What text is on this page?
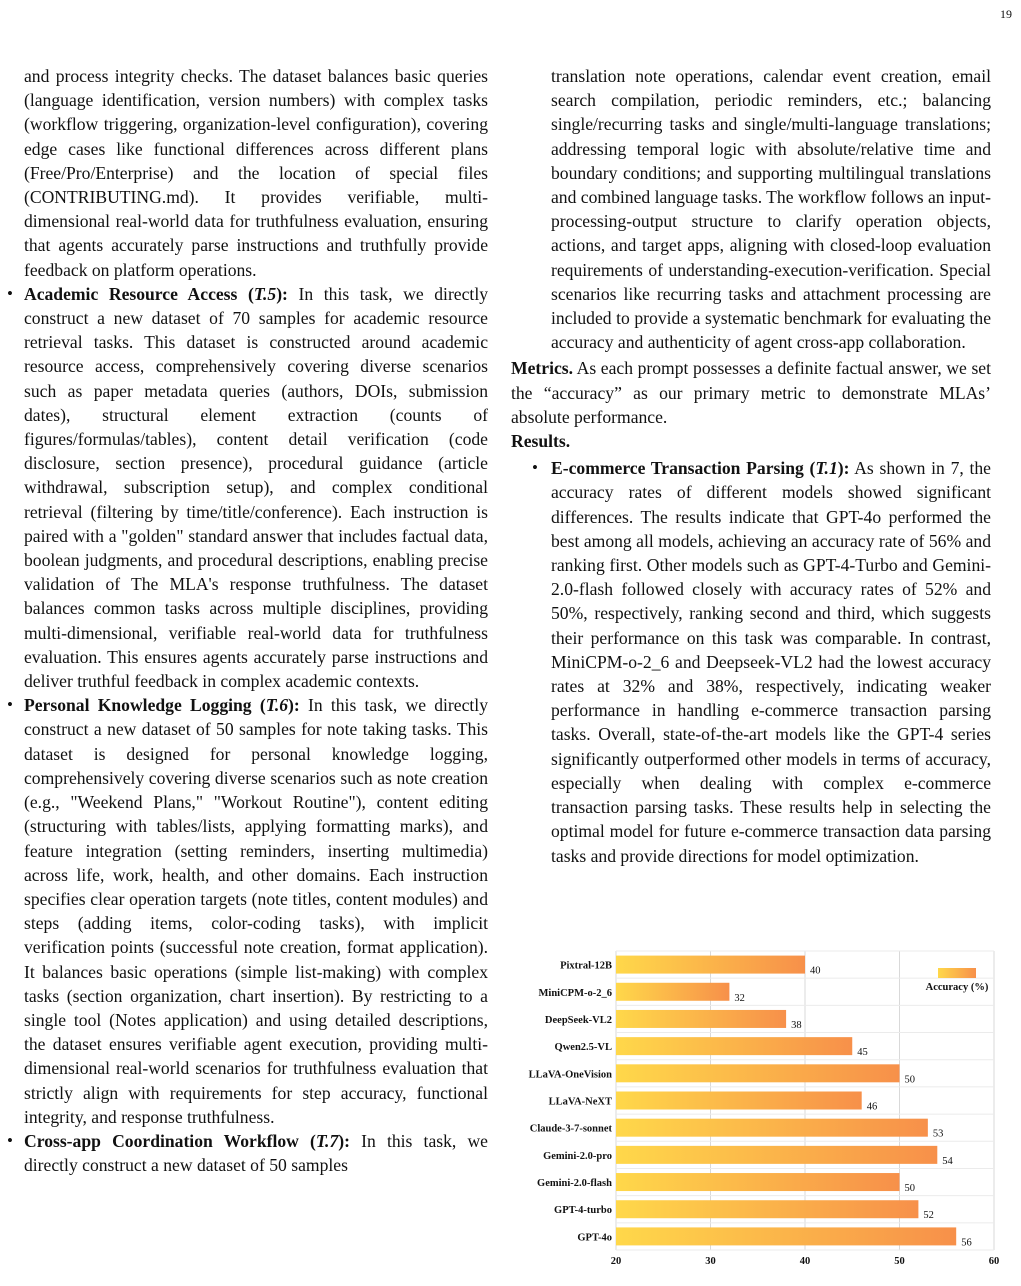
19

and process integrity checks. The dataset balances basic queries (language identification, version numbers) with complex tasks (workflow triggering, organization-level configuration), covering edge cases like functional differences across different plans (Free/Pro/Enterprise) and the location of special files (CONTRIBUTING.md). It provides verifiable, multi-dimensional real-world data for truthfulness evaluation, ensuring that agents accurately parse instructions and truthfully provide feedback on platform operations.

• Academic Resource Access (T.5): In this task, we directly construct a new dataset of 70 samples for academic resource retrieval tasks. This dataset is constructed around academic resource access, comprehensively covering diverse scenarios such as paper metadata queries (authors, DOIs, submission dates), structural element extraction (counts of figures/formulas/tables), content detail verification (code disclosure, section presence), procedural guidance (article withdrawal, subscription setup), and complex conditional retrieval (filtering by time/title/conference). Each instruction is paired with a "golden" standard answer that includes factual data, boolean judgments, and procedural descriptions, enabling precise validation of The MLA's response truthfulness. The dataset balances common tasks across multiple disciplines, providing multi-dimensional, verifiable real-world data for truthfulness evaluation. This ensures agents accurately parse instructions and deliver truthful feedback in complex academic contexts.
• Personal Knowledge Logging (T.6): In this task, we directly construct a new dataset of 50 samples for note taking tasks. This dataset is designed for personal knowledge logging, comprehensively covering diverse scenarios such as note creation (e.g., "Weekend Plans," "Workout Routine"), content editing (structuring with tables/lists, applying formatting marks), and feature integration (setting reminders, inserting multimedia) across life, work, health, and other domains. Each instruction specifies clear operation targets (note titles, content modules) and steps (adding items, color-coding tasks), with implicit verification points (successful note creation, format application). It balances basic operations (simple list-making) with complex tasks (section organization, chart insertion). By restricting to a single tool (Notes application) and using detailed descriptions, the dataset ensures verifiable agent execution, providing multi-dimensional real-world scenarios for truthfulness evaluation that strictly align with requirements for step accuracy, functional integrity, and response truthfulness.
• Cross-app Coordination Workflow (T.7): In this task, we directly construct a new dataset of 50 samples

translation note operations, calendar event creation, email search compilation, periodic reminders, etc.; balancing single/recurring tasks and single/multi-language translations; addressing temporal logic with absolute/relative time and boundary conditions; and supporting multilingual translations and combined language tasks. The workflow follows an input-processing-output structure to clarify operation objects, actions, and target apps, aligning with closed-loop evaluation requirements of understanding-execution-verification. Special scenarios like recurring tasks and attachment processing are included to provide a systematic benchmark for evaluating the accuracy and authenticity of agent cross-app collaboration.

Metrics. As each prompt possesses a definite factual answer, we set the “accuracy” as our primary metric to demonstrate MLAs’ absolute performance.

Results.

• E-commerce Transaction Parsing (T.1): As shown in 7, the accuracy rates of different models showed significant differences. The results indicate that GPT-4o performed the best among all models, achieving an accuracy rate of 56% and ranking first. Other models such as GPT-4-Turbo and Gemini-2.0-flash followed closely with accuracy rates of 52% and 50%, respectively, ranking second and third, which suggests their performance on this task was comparable. In contrast, MiniCPM-o-2_6 and Deepseek-VL2 had the lowest accuracy rates at 32% and 38%, respectively, indicating weaker performance in handling e-commerce transaction parsing tasks. Overall, state-of-the-art models like the GPT-4 series significantly outperformed other models in terms of accuracy, especially when dealing with complex e-commerce transaction parsing tasks. These results help in selecting the optimal model for future e-commerce transaction data parsing tasks and provide directions for model optimization.
20	30	40	50	60
Pixtral-12B	40
MiniCPM-o-2_6	32
DeepSeek-VL2	38
Qwen2.5-VL	45
LLaVA-OneVision	50
LLaVA-NeXT	46
Claude-3-7-sonnet	53
Gemini-2.0-pro	54
Gemini-2.0-flash	50
GPT-4-turbo	52
GPT-4o	56
Accuracy (%)
